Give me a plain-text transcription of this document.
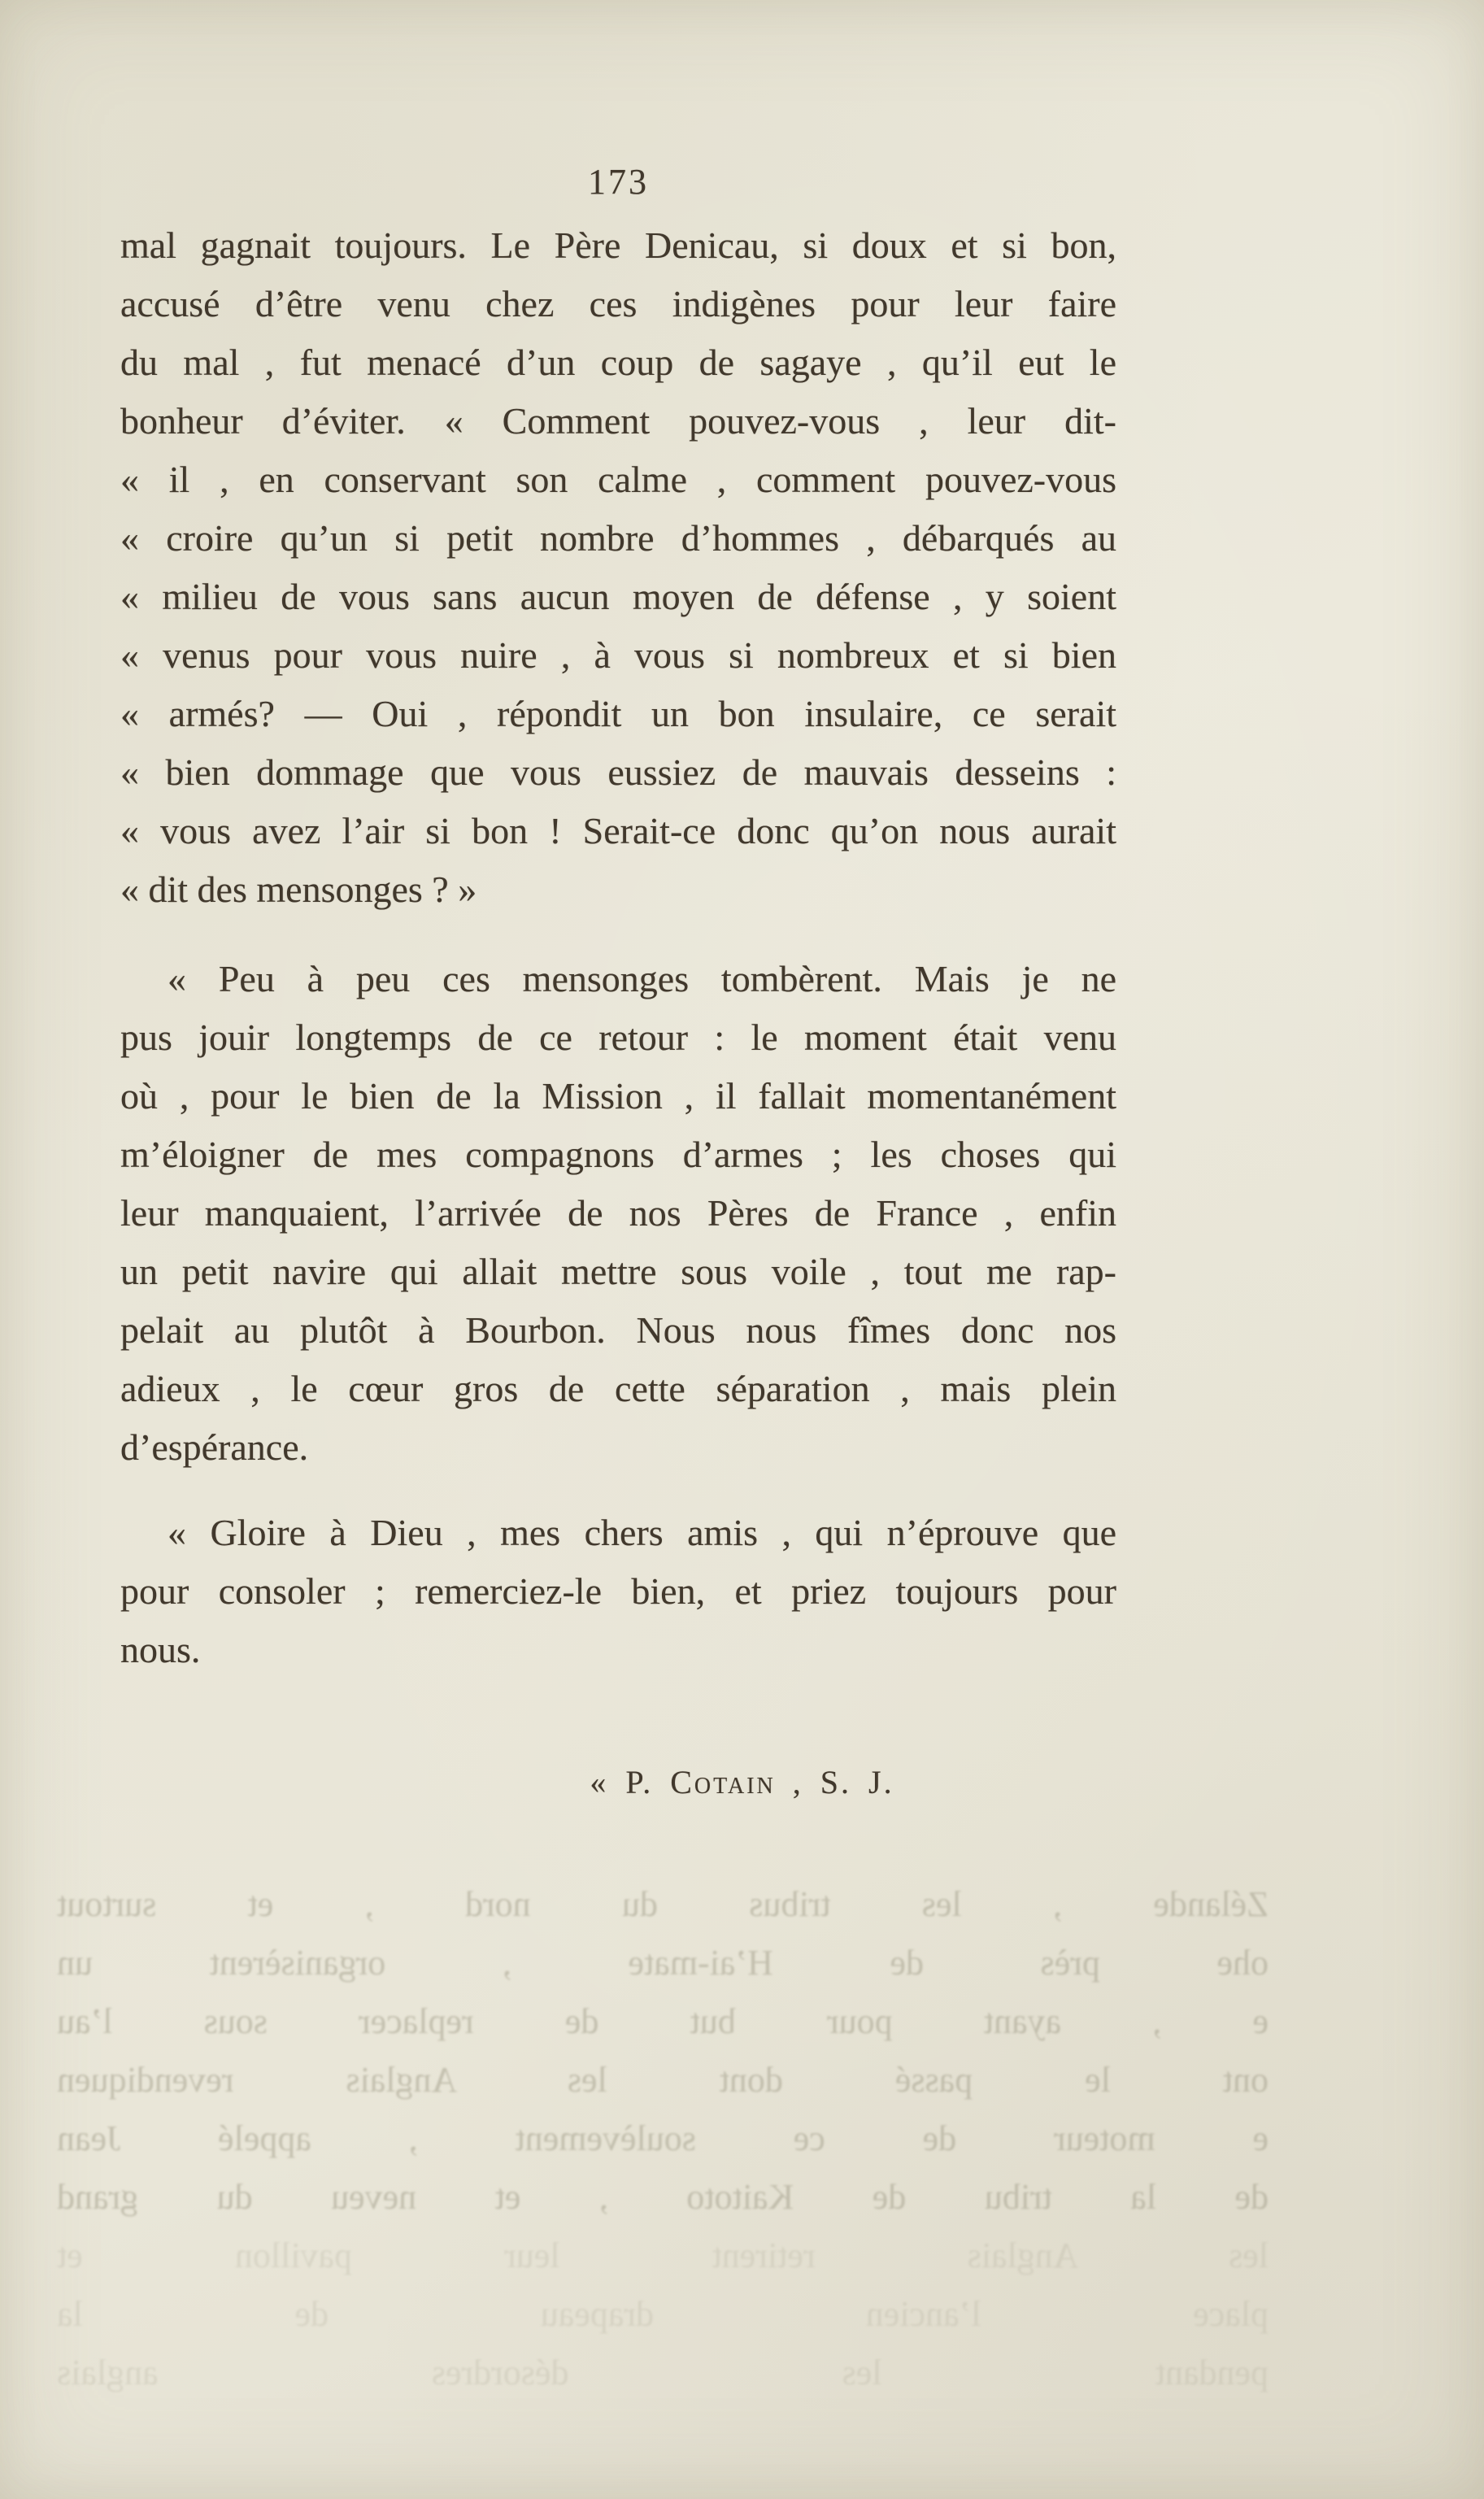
173
mal gagnait toujours. Le Père Denicau, si doux et si bon,
accusé d’être venu chez ces indigènes pour leur faire
du mal , fut menacé d’un coup de sagaye , qu’il eut le
bonheur d’éviter. « Comment pouvez-vous , leur dit-
« il , en conservant son calme , comment pouvez-vous
« croire qu’un si petit nombre d’hommes , débarqués au
« milieu de vous sans aucun moyen de défense , y soient
« venus pour vous nuire , à vous si nombreux et si bien
« armés? — Oui , répondit un bon insulaire, ce serait
« bien dommage que vous eussiez de mauvais desseins :
« vous avez l’air si bon ! Serait-ce donc qu’on nous aurait
« dit des mensonges ? »
« Peu à peu ces mensonges tombèrent. Mais je ne
pus jouir longtemps de ce retour : le moment était venu
où , pour le bien de la Mission , il fallait momentanément
m’éloigner de mes compagnons d’armes ; les choses qui
leur manquaient, l’arrivée de nos Pères de France , enfin
un petit navire qui allait mettre sous voile , tout me rap-
pelait au plutôt à Bourbon. Nous nous fîmes donc nos
adieux , le cœur gros de cette séparation , mais plein
d’espérance.
« Gloire à Dieu , mes chers amis , qui n’éprouve que
pour consoler ; remerciez-le bien, et priez toujours pour
nous.
« P. Cotain , S. J.
Zélande , les tribus du nord , et surtout
ohe près de H’ai-mate , organisèrent un
e , ayant pour but de replacer sous l’au
ont le passé dont les Anglais revendiquen
e moteur de ce soulèvement , appelé Jean
de la tribu de Kaitoto , et neveu du grand
les Anglais retirent leur pavillon et
place l’ancien drapeau de la
pendant les désordres anglais
